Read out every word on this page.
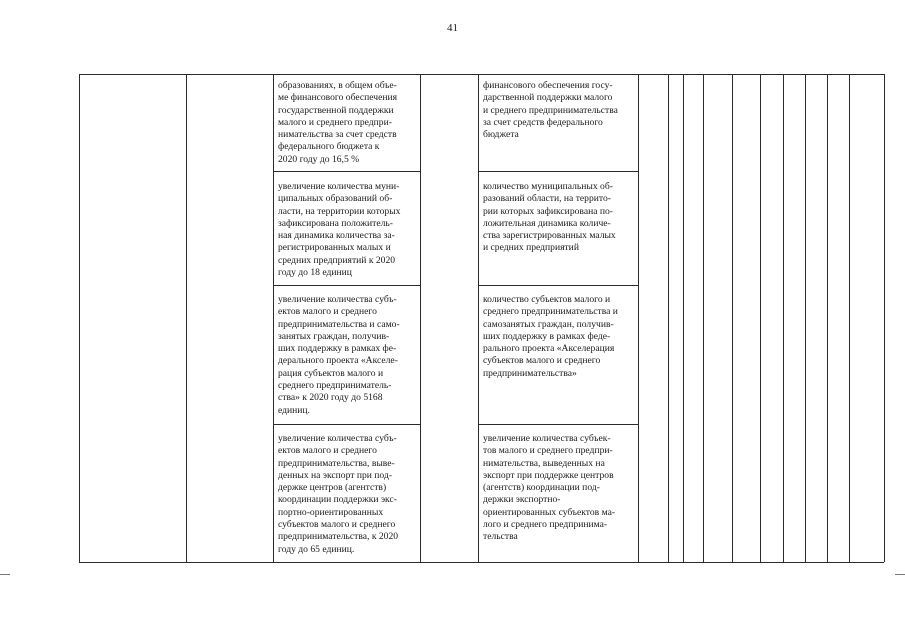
41
образованиях, в общем объе-
ме финансового обеспечения
государственной поддержки
малого и среднего предпри-
нимательства за счет средств
федерального бюджета к
2020 году до 16,5 %
финансового обеспечения госу-
дарственной поддержки малого
и среднего предпринимательства
за счет средств федерального
бюджета
увеличение количества муни-
ципальных образований об-
ласти, на территории которых
зафиксирована положитель-
ная динамика количества за-
регистрированных малых и
средних предприятий к 2020
году до 18 единиц
количество муниципальных об-
разований области, на террито-
рии которых зафиксирована по-
ложительная динамика количе-
ства зарегистрированных малых
и средних предприятий
увеличение количества субъ-
ектов малого и среднего
предпринимательства и само-
занятых граждан, получив-
ших поддержку в рамках фе-
дерального проекта «Акселе-
рация субъектов малого и
среднего предприниматель-
ства» к 2020 году до 5168
единиц.
количество субъектов малого и
среднего предпринимательства и
самозанятых граждан, получив-
ших поддержку в рамках феде-
рального проекта «Акселерация
субъектов малого и среднего
предпринимательства»
увеличение количества субъ-
ектов малого и среднего
предпринимательства, выве-
денных на экспорт при под-
держке центров (агентств)
координации поддержки экс-
портно-ориентированных
субъектов малого и среднего
предпринимательства, к 2020
году до 65 единиц.
увеличение количества субъек-
тов малого и среднего предпри-
нимательства, выведенных на
экспорт при поддержке центров
(агентств) координации под-
держки экспортно-
ориентированных субъектов ма-
лого и среднего предпринима-
тельства
